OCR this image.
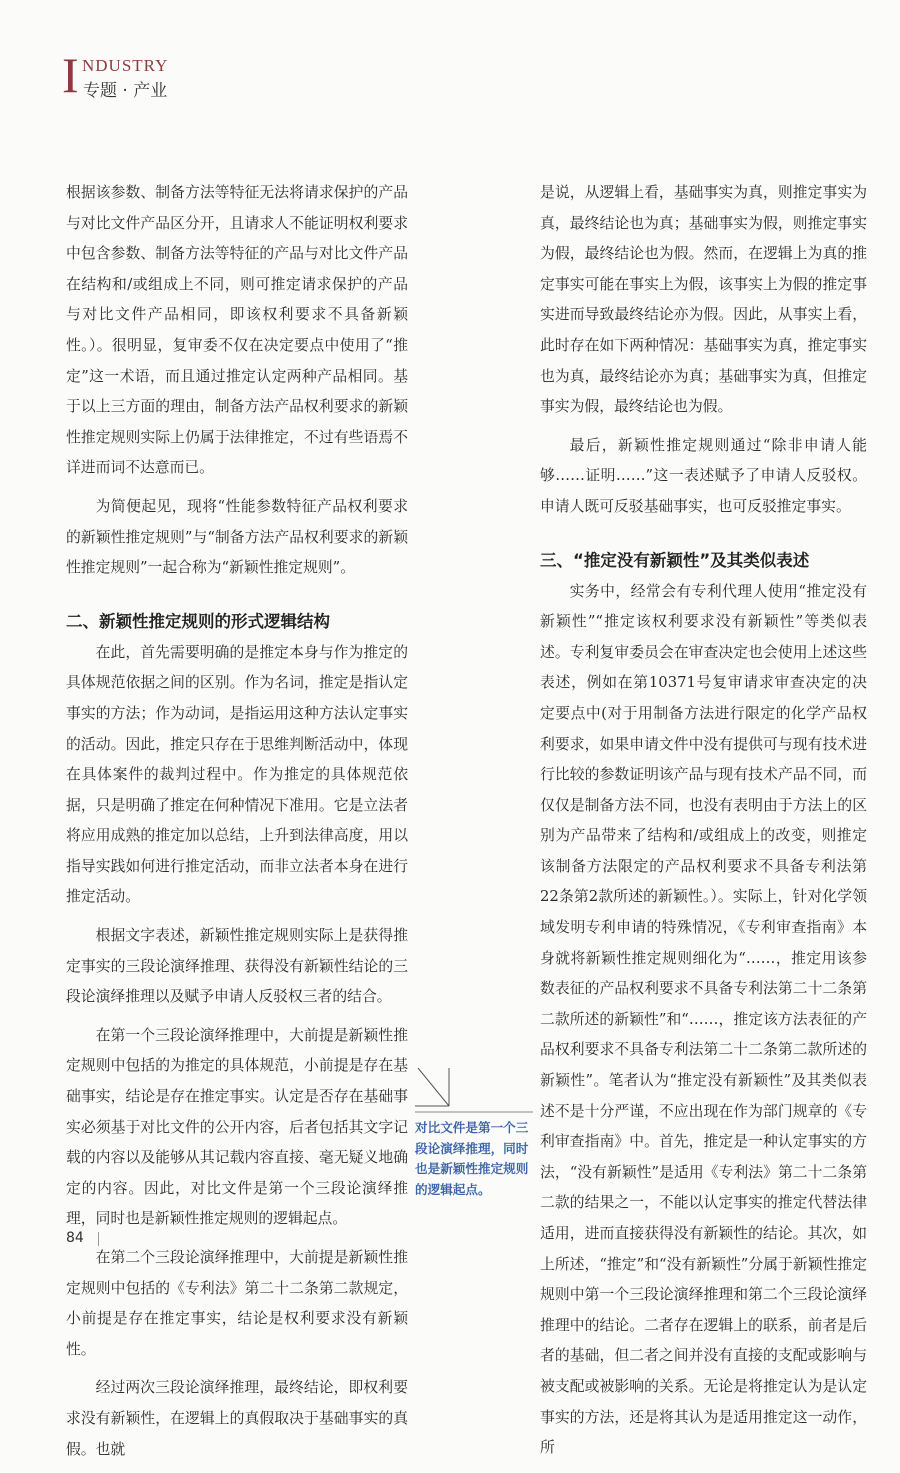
I NDUSTRY
专题 · 产业

根据该参数、制备方法等特征无法将请求保护的产品与对比文件产品区分开，且请求人不能证明权利要求中包含参数、制备方法等特征的产品与对比文件产品在结构和/或组成上不同，则可推定请求保护的产品与对比文件产品相同，即该权利要求不具备新颖性。）。很明显，复审委不仅在决定要点中使用了“推定”这一术语，而且通过推定认定两种产品相同。基于以上三方面的理由，制备方法产品权利要求的新颖性推定规则实际上仍属于法律推定，不过有些语焉不详进而词不达意而已。

为简便起见，现将“性能参数特征产品权利要求的新颖性推定规则”与“制备方法产品权利要求的新颖性推定规则”一起合称为“新颖性推定规则”。

二、新颖性推定规则的形式逻辑结构

在此，首先需要明确的是推定本身与作为推定的具体规范依据之间的区别。作为名词，推定是指认定事实的方法；作为动词，是指运用这种方法认定事实的活动。因此，推定只存在于思维判断活动中，体现在具体案件的裁判过程中。作为推定的具体规范依据，只是明确了推定在何种情况下准用。它是立法者将应用成熟的推定加以总结，上升到法律高度，用以指导实践如何进行推定活动，而非立法者本身在进行推定活动。

根据文字表述，新颖性推定规则实际上是获得推定事实的三段论演绎推理、获得没有新颖性结论的三段论演绎推理以及赋予申请人反驳权三者的结合。

在第一个三段论演绎推理中，大前提是新颖性推定规则中包括的为推定的具体规范，小前提是存在基础事实，结论是存在推定事实。认定是否存在基础事实必须基于对比文件的公开内容，后者包括其文字记载的内容以及能够从其记载内容直接、毫无疑义地确定的内容。因此，对比文件是第一个三段论演绎推理，同时也是新颖性推定规则的逻辑起点。

在第二个三段论演绎推理中，大前提是新颖性推定规则中包括的《专利法》第二十二条第二款规定，小前提是存在推定事实，结论是权利要求没有新颖性。

经过两次三段论演绎推理，最终结论，即权利要求没有新颖性，在逻辑上的真假取决于基础事实的真假。也就

是说，从逻辑上看，基础事实为真，则推定事实为真，最终结论也为真；基础事实为假，则推定事实为假，最终结论也为假。然而，在逻辑上为真的推定事实可能在事实上为假，该事实上为假的推定事实进而导致最终结论亦为假。因此，从事实上看，此时存在如下两种情况：基础事实为真，推定事实也为真，最终结论亦为真；基础事实为真，但推定事实为假，最终结论也为假。

最后，新颖性推定规则通过“除非申请人能够……证明……”这一表述赋予了申请人反驳权。申请人既可反驳基础事实，也可反驳推定事实。

三、“推定没有新颖性”及其类似表述

实务中，经常会有专利代理人使用“推定没有新颖性”“推定该权利要求没有新颖性”等类似表述。专利复审委员会在审查决定也会使用上述这些表述，例如在第10371号复审请求审查决定的决定要点中(对于用制备方法进行限定的化学产品权利要求，如果申请文件中没有提供可与现有技术进行比较的参数证明该产品与现有技术产品不同，而仅仅是制备方法不同，也没有表明由于方法上的区别为产品带来了结构和/或组成上的改变，则推定该制备方法限定的产品权利要求不具备专利法第22条第2款所述的新颖性。）。实际上，针对化学领域发明专利申请的特殊情况，《专利审查指南》本身就将新颖性推定规则细化为“……，推定用该参数表征的产品权利要求不具备专利法第二十二条第二款所述的新颖性”和“……，推定该方法表征的产品权利要求不具备专利法第二十二条第二款所述的新颖性”。笔者认为“推定没有新颖性”及其类似表述不是十分严谨，不应出现在作为部门规章的《专利审查指南》中。首先，推定是一种认定事实的方法，“没有新颖性”是适用《专利法》第二十二条第二款的结果之一，不能以认定事实的推定代替法律适用，进而直接获得没有新颖性的结论。其次，如上所述，“推定”和“没有新颖性”分属于新颖性推定规则中第一个三段论演绎推理和第二个三段论演绎推理中的结论。二者存在逻辑上的联系，前者是后者的基础，但二者之间并没有直接的支配或影响与被支配或被影响的关系。无论是将推定认为是认定事实的方法，还是将其认为是适用推定这一动作，所

对比文件是第一个三段论演绎推理，同时也是新颖性推定规则的逻辑起点。
84
